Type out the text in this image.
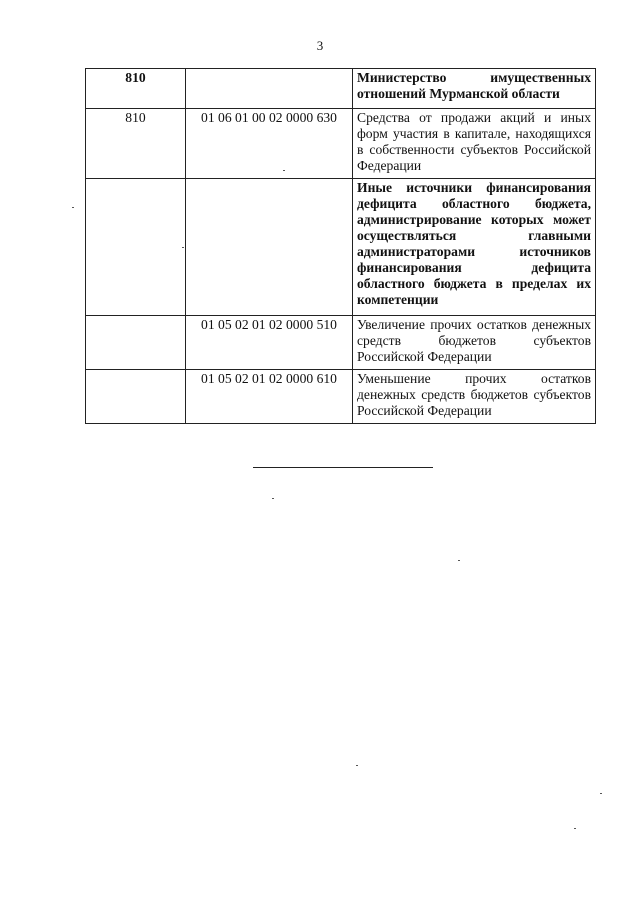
3
810		Министерство имущественных отношений Мурманской области
810	01 06 01 00 02 0000 630	Средства от продажи акций и иных форм участия в капитале, находящихся в собственности субъектов Российской Федерации
		Иные источники финансирования дефицита областного бюджета, администрирование которых может осуществляться главными администраторами источников финансирования дефицита областного бюджета в пределах их компетенции
	01 05 02 01 02 0000 510	Увеличение прочих остатков денежных средств бюджетов субъектов Российской Федерации
	01 05 02 01 02 0000 610	Уменьшение прочих остатков денежных средств бюджетов субъектов Российской Федерации
